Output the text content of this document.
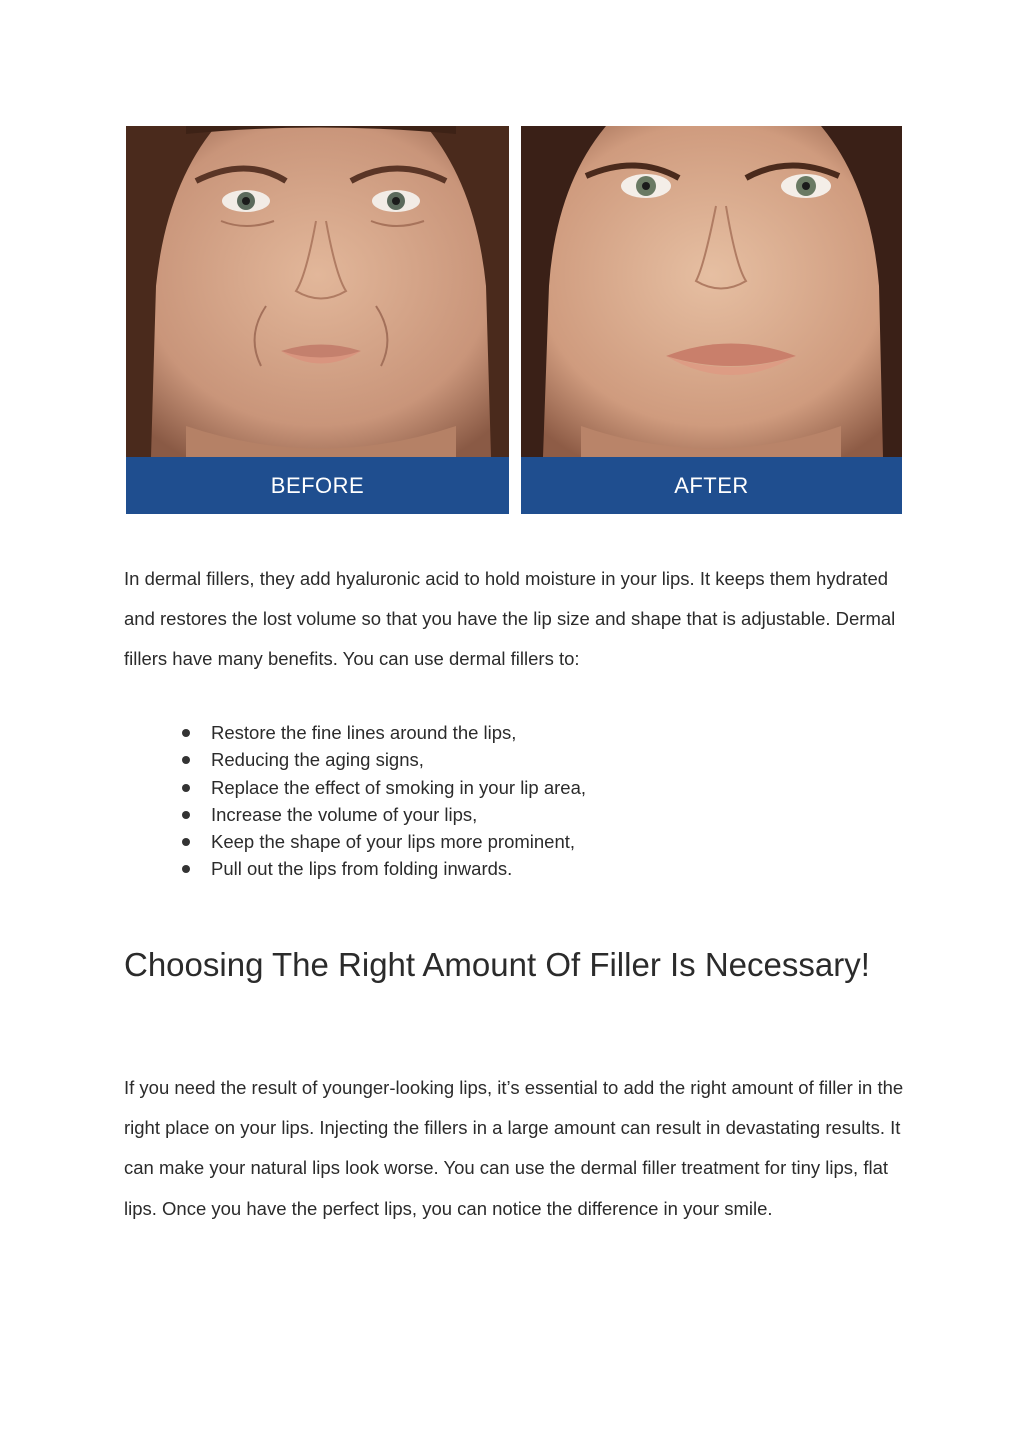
BEFORE	AFTER

In dermal fillers, they add hyaluronic acid to hold moisture in your lips. It keeps them hydrated and restores the lost volume so that you have the lip size and shape that is adjustable. Dermal fillers have many benefits. You can use dermal fillers to:

Restore the fine lines around the lips,
Reducing the aging signs,
Replace the effect of smoking in your lip area,
Increase the volume of your lips,
Keep the shape of your lips more prominent,
Pull out the lips from folding inwards.
Choosing The Right Amount Of Filler Is Necessary!

If you need the result of younger-looking lips, it’s essential to add the right amount of filler in the right place on your lips. Injecting the fillers in a large amount can result in devastating results. It can make your natural lips look worse. You can use the dermal filler treatment for tiny lips, flat lips. Once you have the perfect lips, you can notice the difference in your smile.
